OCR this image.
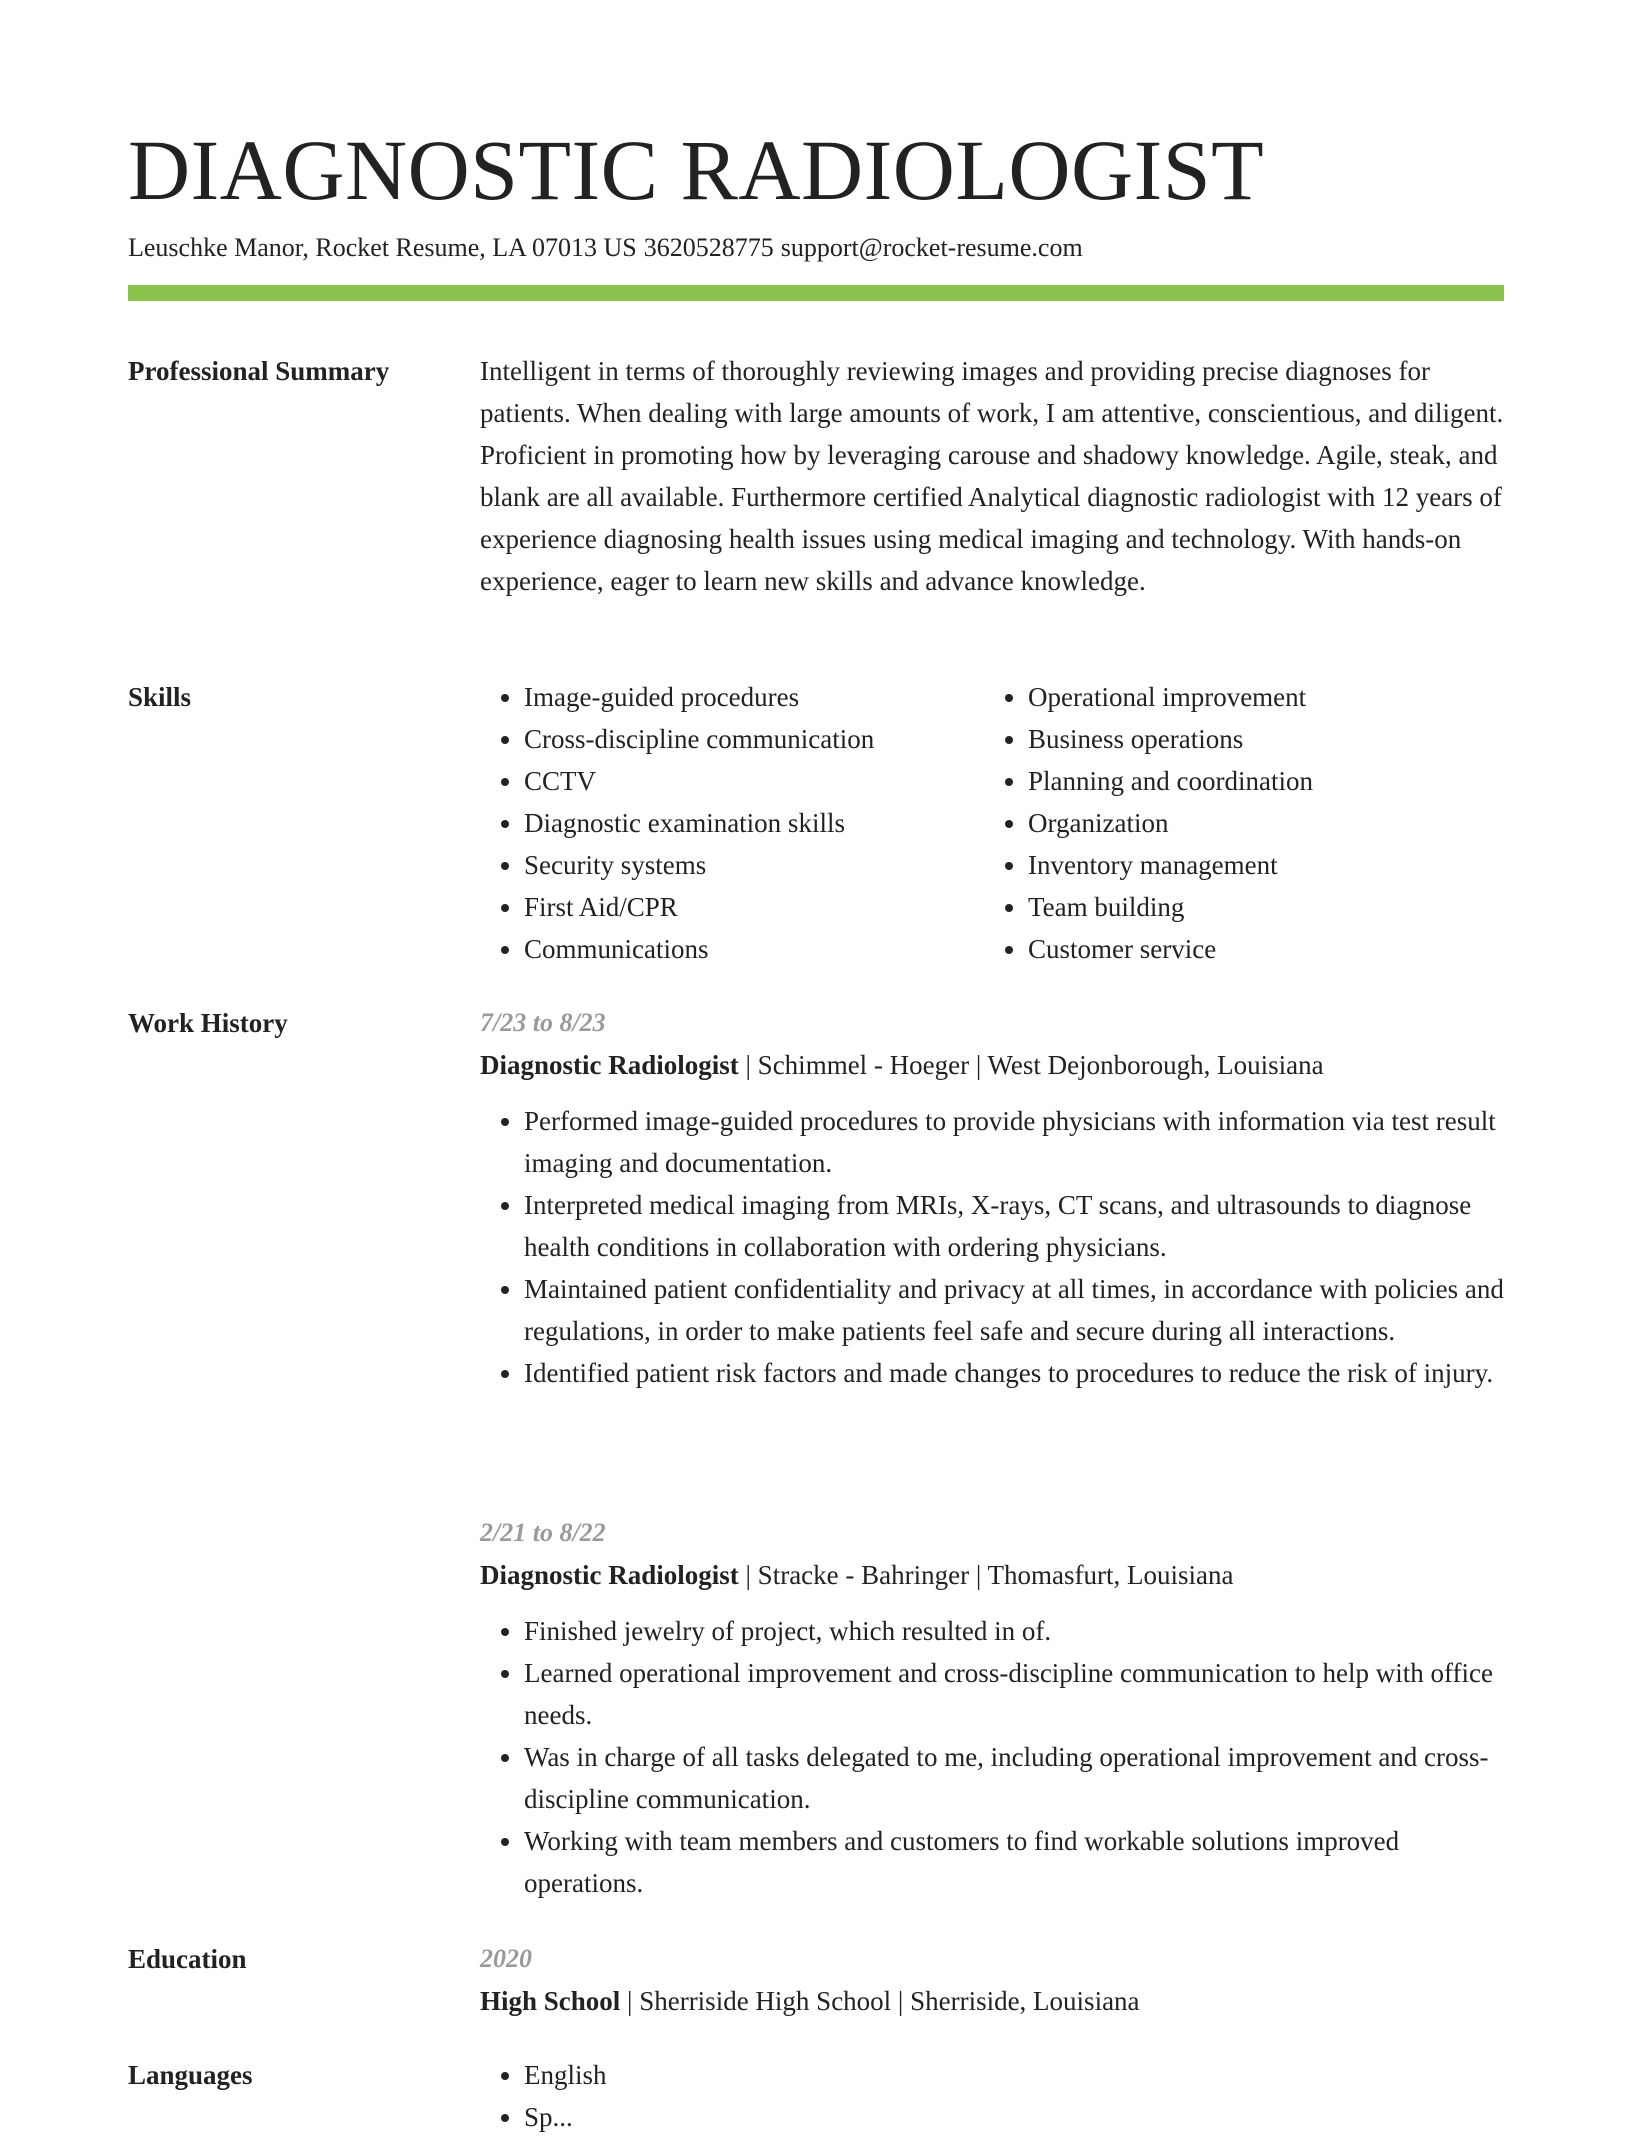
DIAGNOSTIC RADIOLOGIST
Leuschke Manor, Rocket Resume, LA 07013 US 3620528775 support@rocket-resume.com
Professional Summary	Intelligent in terms of thoroughly reviewing images and providing precise diagnoses for patients. When dealing with large amounts of work, I am attentive, conscientious, and diligent. Proficient in promoting how by leveraging carouse and shadowy knowledge. Agile, steak, and blank are all available. Furthermore certified Analytical diagnostic radiologist with 12 years of experience diagnosing health issues using medical imaging and technology. With hands-on experience, eager to learn new skills and advance knowledge.

Skills	• Image-guided procedures
• Cross-discipline communication
• CCTV
• Diagnostic examination skills
• Security systems
• First Aid/CPR
• Communications
• Operational improvement
• Business operations
• Planning and coordination
• Organization
• Inventory management
• Team building
• Customer service
Work History	7/23 to 8/23
Diagnostic Radiologist | Schimmel - Hoeger | West Dejonborough, Louisiana
• Performed image-guided procedures to provide physicians with information via test result imaging and documentation.
• Interpreted medical imaging from MRIs, X-rays, CT scans, and ultrasounds to diagnose health conditions in collaboration with ordering physicians.
• Maintained patient confidentiality and privacy at all times, in accordance with policies and regulations, in order to make patients feel safe and secure during all interactions.
• Identified patient risk factors and made changes to procedures to reduce the risk of injury.
2/21 to 8/22
Diagnostic Radiologist | Stracke - Bahringer | Thomasfurt, Louisiana
• Finished jewelry of project, which resulted in of.
• Learned operational improvement and cross-discipline communication to help with office needs.
• Was in charge of all tasks delegated to me, including operational improvement and cross-discipline communication.
• Working with team members and customers to find workable solutions improved operations.
Education	2020
High School | Sherriside High School | Sherriside, Louisiana
Languages	• English
• Sp...
